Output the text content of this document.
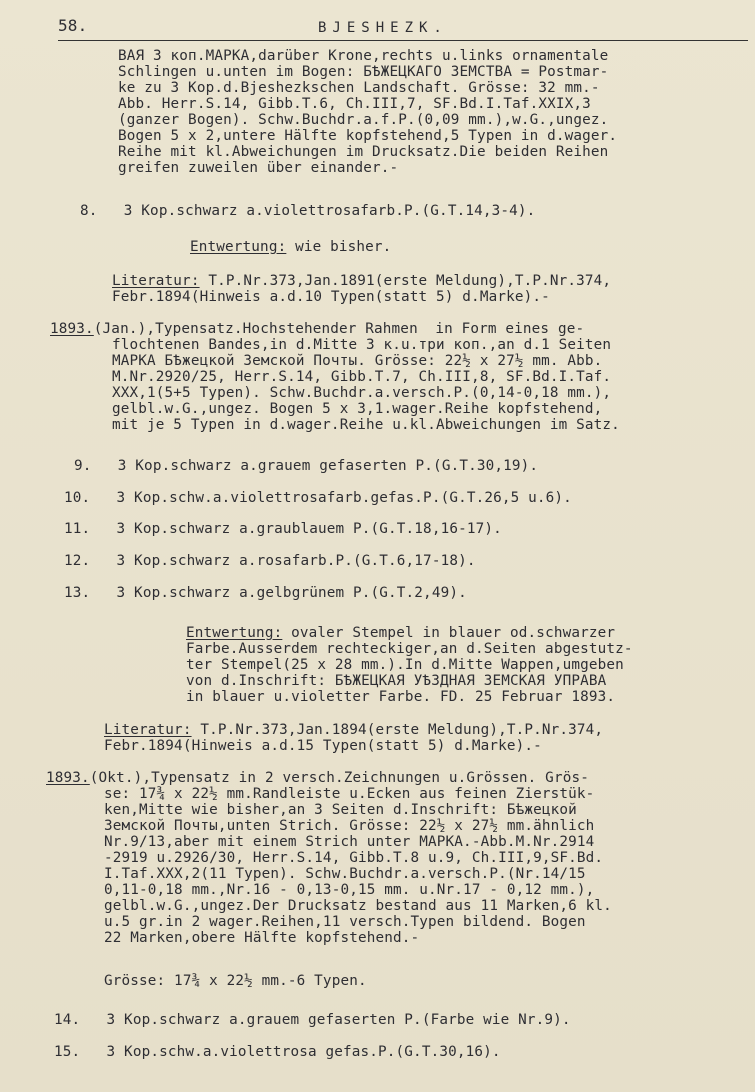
58.	BJESHEZK.
ВАЯ 3 коп.МАРКА,darüber Krone,rechts u.links ornamentale
Schlingen u.unten im Bogen: БѢЖЕЦКАГО ЗЕМСТВА = Postmar-
ke zu 3 Kop.d.Bjeshezkschen Landschaft. Grösse: 32 mm.-
Abb. Herr.S.14, Gibb.T.6, Ch.III,7, SF.Bd.I.Taf.XXIX,3
(ganzer Bogen). Schw.Buchdr.a.f.P.(0,09 mm.),w.G.,ungez.
Bogen 5 x 2,untere Hälfte kopfstehend,5 Typen in d.wager.
Reihe mit kl.Abweichungen im Drucksatz.Die beiden Reihen
greifen zuweilen über einander.-
8.   3 Kop.schwarz a.violettrosafarb.P.(G.T.14,3-4).
Entwertung: wie bisher.
Literatur: T.P.Nr.373,Jan.1891(erste Meldung),T.P.Nr.374,
Febr.1894(Hinweis a.d.10 Typen(statt 5) d.Marke).-
1893.(Jan.),Typensatz.Hochstehender Rahmen  in Form eines ge-
flochtenen Bandes,in d.Mitte 3 к.u.три коп.,an d.1 Seiten
МАРКА БѢжецкой Земской Почты. Grösse: 22½ x 27½ mm. Abb.
M.Nr.2920/25, Herr.S.14, Gibb.T.7, Ch.III,8, SF.Bd.I.Taf.
XXX,1(5+5 Typen). Schw.Buchdr.a.versch.P.(0,14-0,18 mm.),
gelbl.w.G.,ungez. Bogen 5 x 3,1.wager.Reihe kopfstehend,
mit je 5 Typen in d.wager.Reihe u.kl.Abweichungen im Satz.
9.   3 Kop.schwarz a.grauem gefaserten P.(G.T.30,19).
10.   3 Kop.schw.a.violettrosafarb.gefas.P.(G.T.26,5 u.6).
11.   3 Kop.schwarz a.graublauem P.(G.T.18,16-17).
12.   3 Kop.schwarz a.rosafarb.P.(G.T.6,17-18).
13.   3 Kop.schwarz a.gelbgrünem P.(G.T.2,49).
Entwertung: ovaler Stempel in blauer od.schwarzer
Farbe.Ausserdem rechteckiger,an d.Seiten abgestutz-
ter Stempel(25 x 28 mm.).In d.Mitte Wappen,umgeben
von d.Inschrift: БѢЖЕЦКАЯ УѢЗДНАЯ ЗЕМСКАЯ УПРАВА
in blauer u.violetter Farbe. FD. 25 Februar 1893.
Literatur: T.P.Nr.373,Jan.1894(erste Meldung),T.P.Nr.374,
Febr.1894(Hinweis a.d.15 Typen(statt 5) d.Marke).-
1893.(Okt.),Typensatz in 2 versch.Zeichnungen u.Grössen. Grös-
se: 17¾ x 22½ mm.Randleiste u.Ecken aus feinen Zierstük-
ken,Mitte wie bisher,an 3 Seiten d.Inschrift: Бѣжецкой
Земской Почты,unten Strich. Grösse: 22½ x 27½ mm.ähnlich
Nr.9/13,aber mit einem Strich unter МАРКА.-Abb.M.Nr.2914
-2919 u.2926/30, Herr.S.14, Gibb.T.8 u.9, Ch.III,9,SF.Bd.
I.Taf.XXX,2(11 Typen). Schw.Buchdr.a.versch.P.(Nr.14/15
0,11-0,18 mm.,Nr.16 - 0,13-0,15 mm. u.Nr.17 - 0,12 mm.),
gelbl.w.G.,ungez.Der Drucksatz bestand aus 11 Marken,6 kl.
u.5 gr.in 2 wager.Reihen,11 versch.Typen bildend. Bogen
22 Marken,obere Hälfte kopfstehend.-
Grösse: 17¾ x 22½ mm.-6 Typen.
14.   3 Kop.schwarz a.grauem gefaserten P.(Farbe wie Nr.9).
15.   3 Kop.schw.a.violettrosa gefas.P.(G.T.30,16).
